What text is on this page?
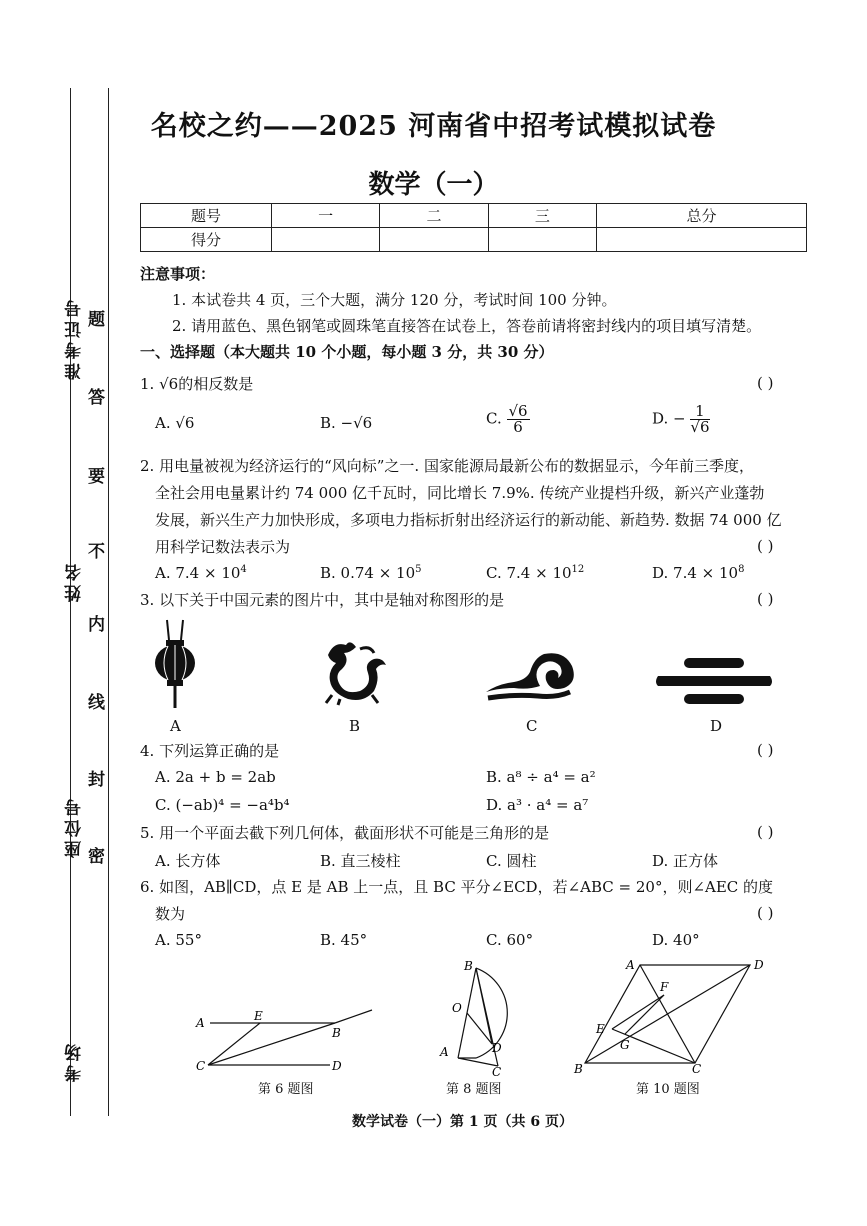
准考证号
姓名
座位号
考场
题
答
要
不
内
线
封
密
名校之约——2025 河南省中招考试模拟试卷
数学（一）
题号	一	二	三	总分
得分				
注意事项：
1. 本试卷共 4 页，三个大题，满分 120 分，考试时间 100 分钟。
2. 请用蓝色、黑色钢笔或圆珠笔直接答在试卷上，答卷前请将密封线内的项目填写清楚。
一、选择题（本大题共 10 个小题，每小题 3 分，共 30 分）
1. √6的相反数是	( )
A. √6	B. −√6	C. $\frac{√6}{6}$	D. − $\frac{1}{√6}$
2. 用电量被视为经济运行的“风向标”之一. 国家能源局最新公布的数据显示，今年前三季度，
全社会用电量累计约 74 000 亿千瓦时，同比增长 7.9%. 传统产业提档升级，新兴产业蓬勃
发展，新兴生产力加快形成，多项电力指标折射出经济运行的新动能、新趋势. 数据 74 000 亿
用科学记数法表示为	( )
A. $7.4 \times 10^4$	B. $0.74 \times 10^5$	C. $7.4 \times 10^{12}$	D. $7.4 \times 10^8$
3. 以下关于中国元素的图片中，其中是轴对称图形的是	( )
A	B	C	D
4. 下列运算正确的是	( )
A. 2a + b = 2ab	B. a⁸ ÷ a⁴ = a²
C. (−ab)⁴ = −a⁴b⁴	D. a³ · a⁴ = a⁷
5. 用一个平面去截下列几何体，截面形状不可能是三角形的是	( )
A. 长方体	B. 直三棱柱	C. 圆柱	D. 正方体
6. 如图，AB∥CD，点 E 是 AB 上一点，且 BC 平分∠ECD，若∠ABC = 20°，则∠AEC 的度
数为	( )
A. 55°	B. 45°	C. 60°	D. 40°
A	E
B
C	D
第 6 题图
B
O
A	D
C
第 8 题图
A	D
F
E
G
B	C
第 10 题图
数学试卷（一）第 1 页（共 6 页）
